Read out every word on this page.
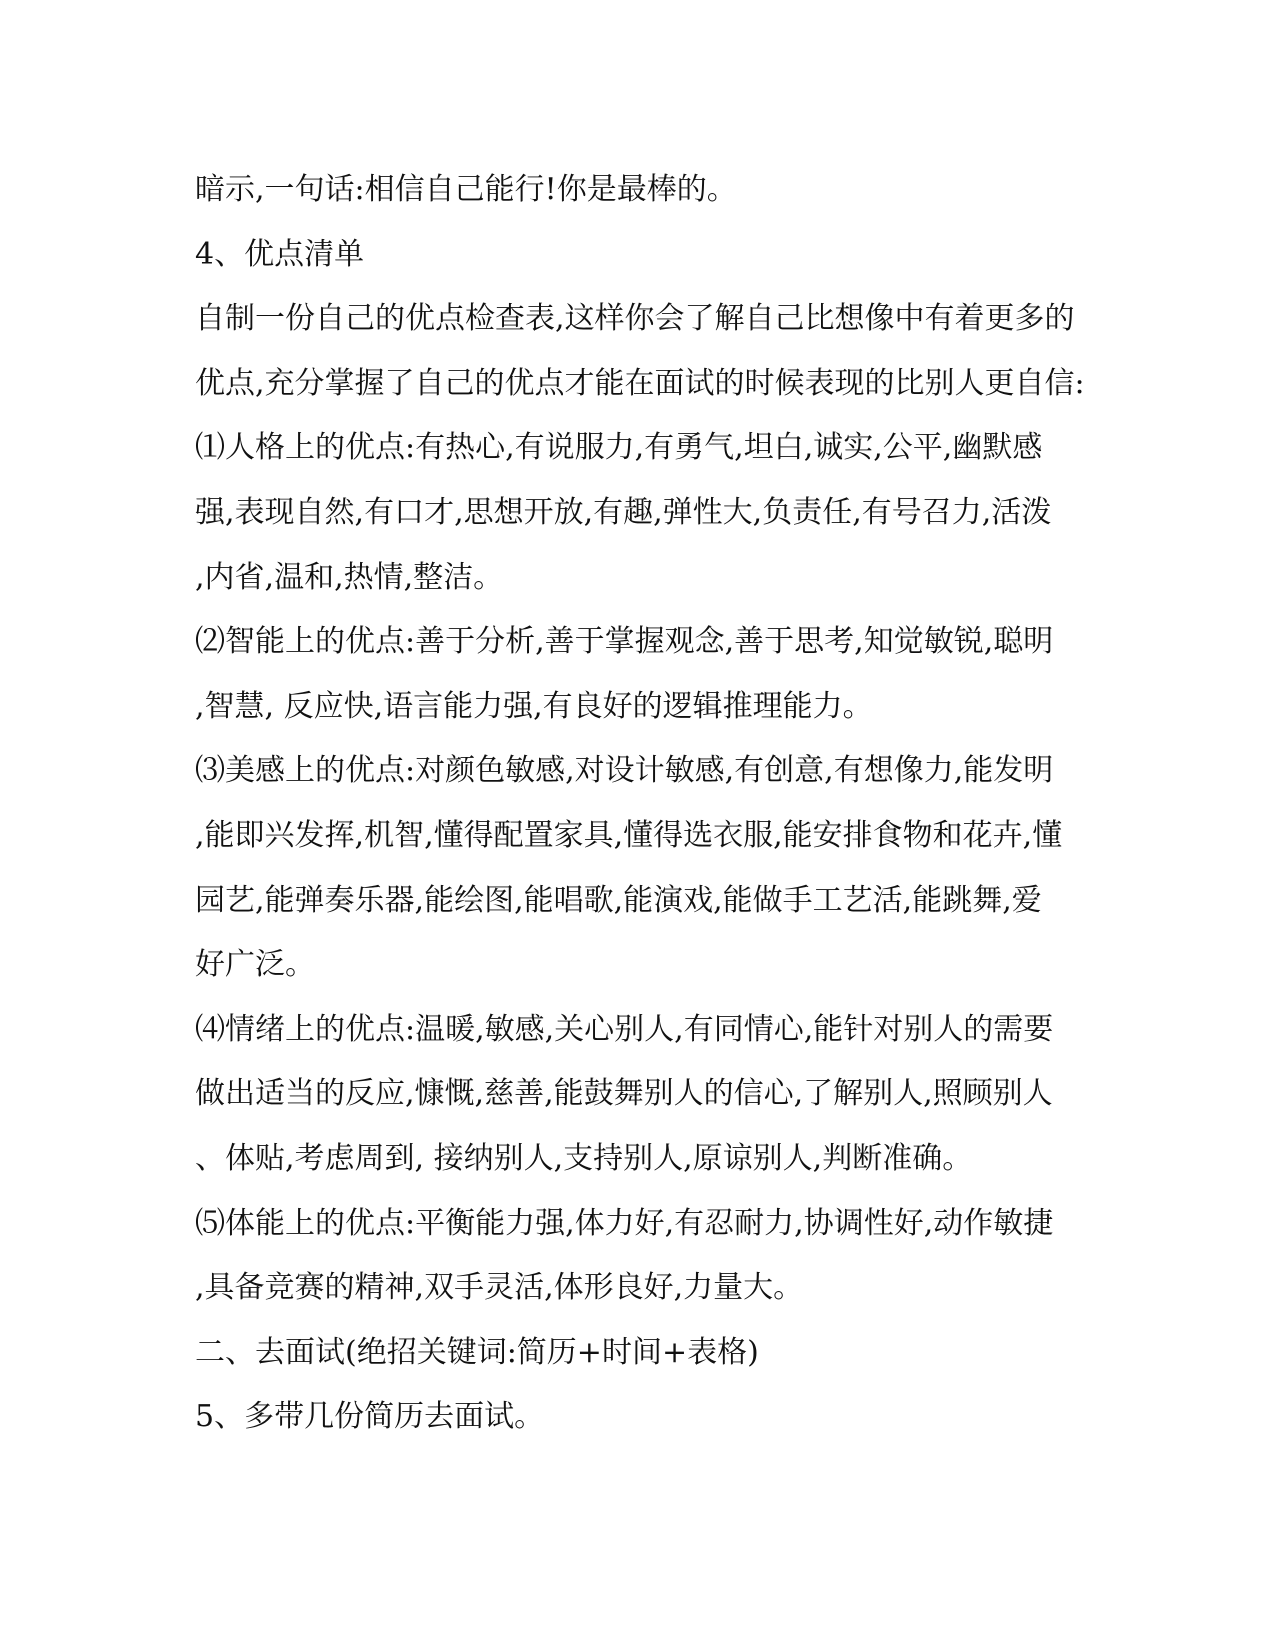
暗示,一句话:相信自己能行!你是最棒的。
4、优点清单
自制一份自己的优点检查表,这样你会了解自己比想像中有着更多的
优点,充分掌握了自己的优点才能在面试的时候表现的比别人更自信:
⑴人格上的优点:有热心,有说服力,有勇气,坦白,诚实,公平,幽默感
强,表现自然,有口才,思想开放,有趣,弹性大,负责任,有号召力,活泼
,内省,温和,热情,整洁。
⑵智能上的优点:善于分析,善于掌握观念,善于思考,知觉敏锐,聪明
,智慧, 反应快,语言能力强,有良好的逻辑推理能力。
⑶美感上的优点:对颜色敏感,对设计敏感,有创意,有想像力,能发明
,能即兴发挥,机智,懂得配置家具,懂得选衣服,能安排食物和花卉,懂
园艺,能弹奏乐器,能绘图,能唱歌,能演戏,能做手工艺活,能跳舞,爱
好广泛。
⑷情绪上的优点:温暖,敏感,关心别人,有同情心,能针对别人的需要
做出适当的反应,慷慨,慈善,能鼓舞别人的信心,了解别人,照顾别人
、体贴,考虑周到, 接纳别人,支持别人,原谅别人,判断准确。
⑸体能上的优点:平衡能力强,体力好,有忍耐力,协调性好,动作敏捷
,具备竞赛的精神,双手灵活,体形良好,力量大。
二、去面试(绝招关键词:简历+时间+表格)
5、多带几份简历去面试。
